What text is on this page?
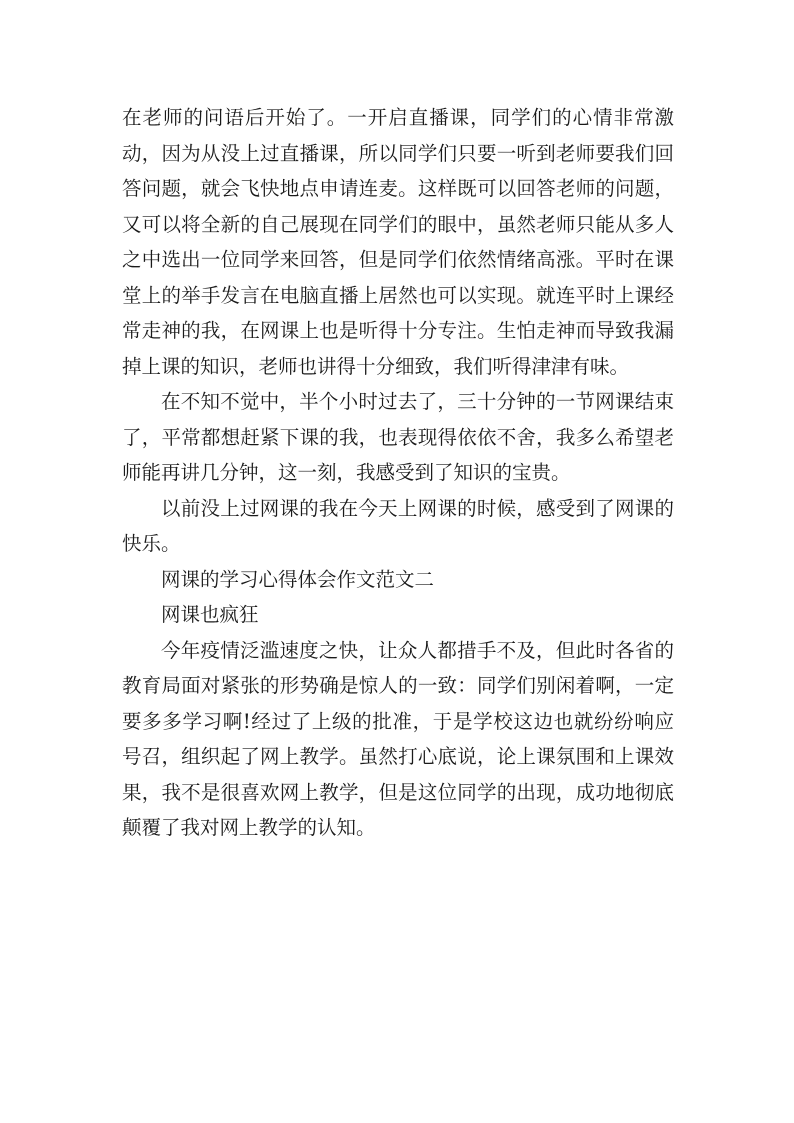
在老师的问语后开始了。一开启直播课，同学们的心情非常激动，因为从没上过直播课，所以同学们只要一听到老师要我们回答问题，就会飞快地点申请连麦。这样既可以回答老师的问题，又可以将全新的自己展现在同学们的眼中，虽然老师只能从多人之中选出一位同学来回答，但是同学们依然情绪高涨。平时在课堂上的举手发言在电脑直播上居然也可以实现。就连平时上课经常走神的我，在网课上也是听得十分专注。生怕走神而导致我漏掉上课的知识，老师也讲得十分细致，我们听得津津有味。

在不知不觉中，半个小时过去了，三十分钟的一节网课结束了，平常都想赶紧下课的我，也表现得依依不舍，我多么希望老师能再讲几分钟，这一刻，我感受到了知识的宝贵。

以前没上过网课的我在今天上网课的时候，感受到了网课的快乐。

网课的学习心得体会作文范文二
网课也疯狂

今年疫情泛滥速度之快，让众人都措手不及，但此时各省的教育局面对紧张的形势确是惊人的一致：同学们别闲着啊，一定要多多学习啊!经过了上级的批准，于是学校这边也就纷纷响应号召，组织起了网上教学。虽然打心底说，论上课氛围和上课效果，我不是很喜欢网上教学，但是这位同学的出现，成功地彻底颠覆了我对网上教学的认知。
